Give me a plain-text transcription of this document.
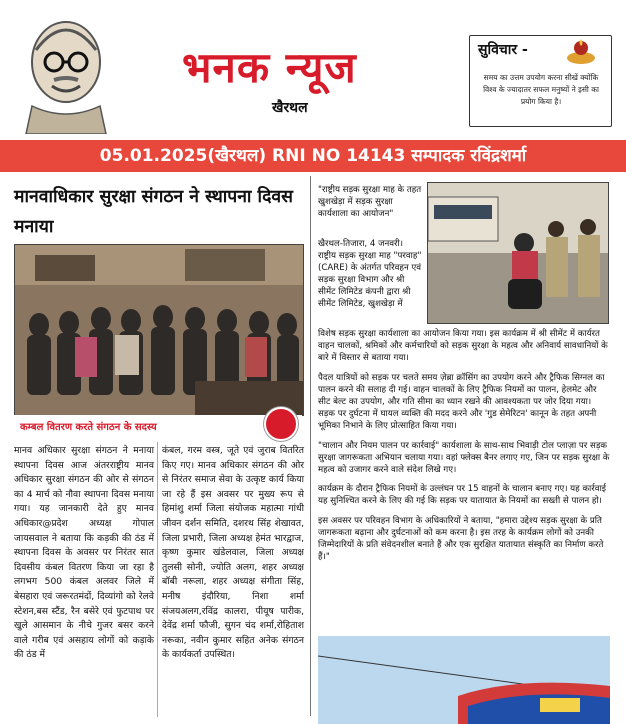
भनक न्यूज
खैरथल
सुविचार -
समय का उत्तम उपयोग करना सीखें क्योंकि विश्व के ज्यादातर सफल मनुष्यों ने इसी का प्रयोग किया है।
05.01.2025(खैरथल) RNI NO 14143 सम्पादक रविंद्रशर्मा
मानवाधिकार सुरक्षा संगठन ने स्थापना दिवस मनाया
कम्बल वितरण करते संगठन के सदस्य
मानव अधिकार सुरक्षा संगठन ने मनाया स्थापना दिवस आज अंतरराष्ट्रीय मानव अधिकार सुरक्षा संगठन की ओर से संगठन का 4 मार्च को नौवा स्थापना दिवस मनाया गया। यह जानकारी देते हुए मानव अधिकार@प्रदेश अध्यक्ष गोपाल जायसवाल ने बताया कि कड़की की ठंड में स्थापना दिवस के अवसर पर निरंतर सात दिवसीय कंबल वितरण किया जा रहा है लगभग 500 कंबल अलवर जिले में बेसहारा एवं जरूरतमंदों, दिव्यांगो को रेलवे स्टेशन,बस स्टैंड, रैन बसेरे एवं फुटपाथ पर खुले आसमान के नीचे गुजर बसर करने वाले गरीब एवं असहाय लोगों को कड़ाके की ठंड में
कंबल, गरम वस्त्र, जूते एवं जुराब वितरित किए गए। मानव अधिकार संगठन की ओर से निरंतर समाज सेवा के उत्कृष्ट कार्य किया जा रहे हैं इस अवसर पर मुख्य रूप से हिमांशु शर्मा जिला संयोजक महात्मा गांधी जीवन दर्शन समिति, दशरथ सिंह शेखावत, जिला प्रभारी, जिला अध्यक्ष हेमंत भारद्वाज, कृष्ण कुमार खंडेलवाल, जिला अध्यक्ष तुलसी सोनी, ज्योति अलग, शहर अध्यक्ष बॉबी नरूला, शहर अध्यक्ष संगीता सिंह, मनीष इंदौरिया, निशा शर्मा संजयअलग,रविंद्र कालरा, पीयूष पारीक, देवेंद्र शर्मा फौजी, सुगन चंद शर्मा,रोहिताश नरूका, नवीन कुमार सहित अनेक संगठन के कार्यकर्ता उपस्थित।
"राष्ट्रीय सड़क सुरक्षा माह के तहत खुशखेड़ा में सड़क सुरक्षा कार्यशाला का आयोजन"
खैरथल-तिजारा, 4 जनवरी। राष्ट्रीय सड़क सुरक्षा माह "परवाह" (CARE) के अंतर्गत परिवहन एवं सड़क सुरक्षा विभाग और श्री सीमेंट लिमिटेड कंपनी द्वारा श्री सीमेंट लिमिटेड, खुशखेड़ा में

विशेष सड़क सुरक्षा कार्यशाला का आयोजन किया गया। इस कार्यक्रम में श्री सीमेंट में कार्यरत वाहन चालकों, श्रमिकों और कर्मचारियों को सड़क सुरक्षा के महत्व और अनिवार्य सावधानियों के बारे में विस्तार से बताया गया।

पैदल यात्रियों को सड़क पर चलते समय ज़ेब्रा क्रॉसिंग का उपयोग करने और ट्रैफिक सिग्नल का पालन करने की सलाह दी गई। वाहन चालकों के लिए ट्रैफिक नियमों का पालन, हेलमेट और सीट बेल्ट का उपयोग, और गति सीमा का ध्यान रखने की आवश्यकता पर जोर दिया गया। सड़क पर दुर्घटना में घायल व्यक्ति की मदद करने और 'गुड सेमेरिटन' कानून के तहत अपनी भूमिका निभाने के लिए प्रोत्साहित किया गया।

"चालान और नियम पालन पर कार्रवाई" कार्यशाला के साथ-साथ भिवाड़ी टोल प्लाज़ा पर सड़क सुरक्षा जागरूकता अभियान चलाया गया। वहां फ्लेक्स बैनर लगाए गए, जिन पर सड़क सुरक्षा के महत्व को उजागर करने वाले संदेश लिखे गए।

कार्यक्रम के दौरान ट्रैफिक नियमों के उल्लंघन पर 15 वाहनों के चालान बनाए गए। यह कार्रवाई यह सुनिश्चित करने के लिए की गई कि सड़क पर यातायात के नियमों का सख्ती से पालन हो।

इस अवसर पर परिवहन विभाग के अधिकारियों ने बताया, "हमारा उद्देश्य सड़क सुरक्षा के प्रति जागरूकता बढ़ाना और दुर्घटनाओं को कम करना है। इस तरह के कार्यक्रम लोगों को उनकी जिम्मेदारियों के प्रति संवेदनशील बनाते हैं और एक सुरक्षित यातायात संस्कृति का निर्माण करते हैं।"
